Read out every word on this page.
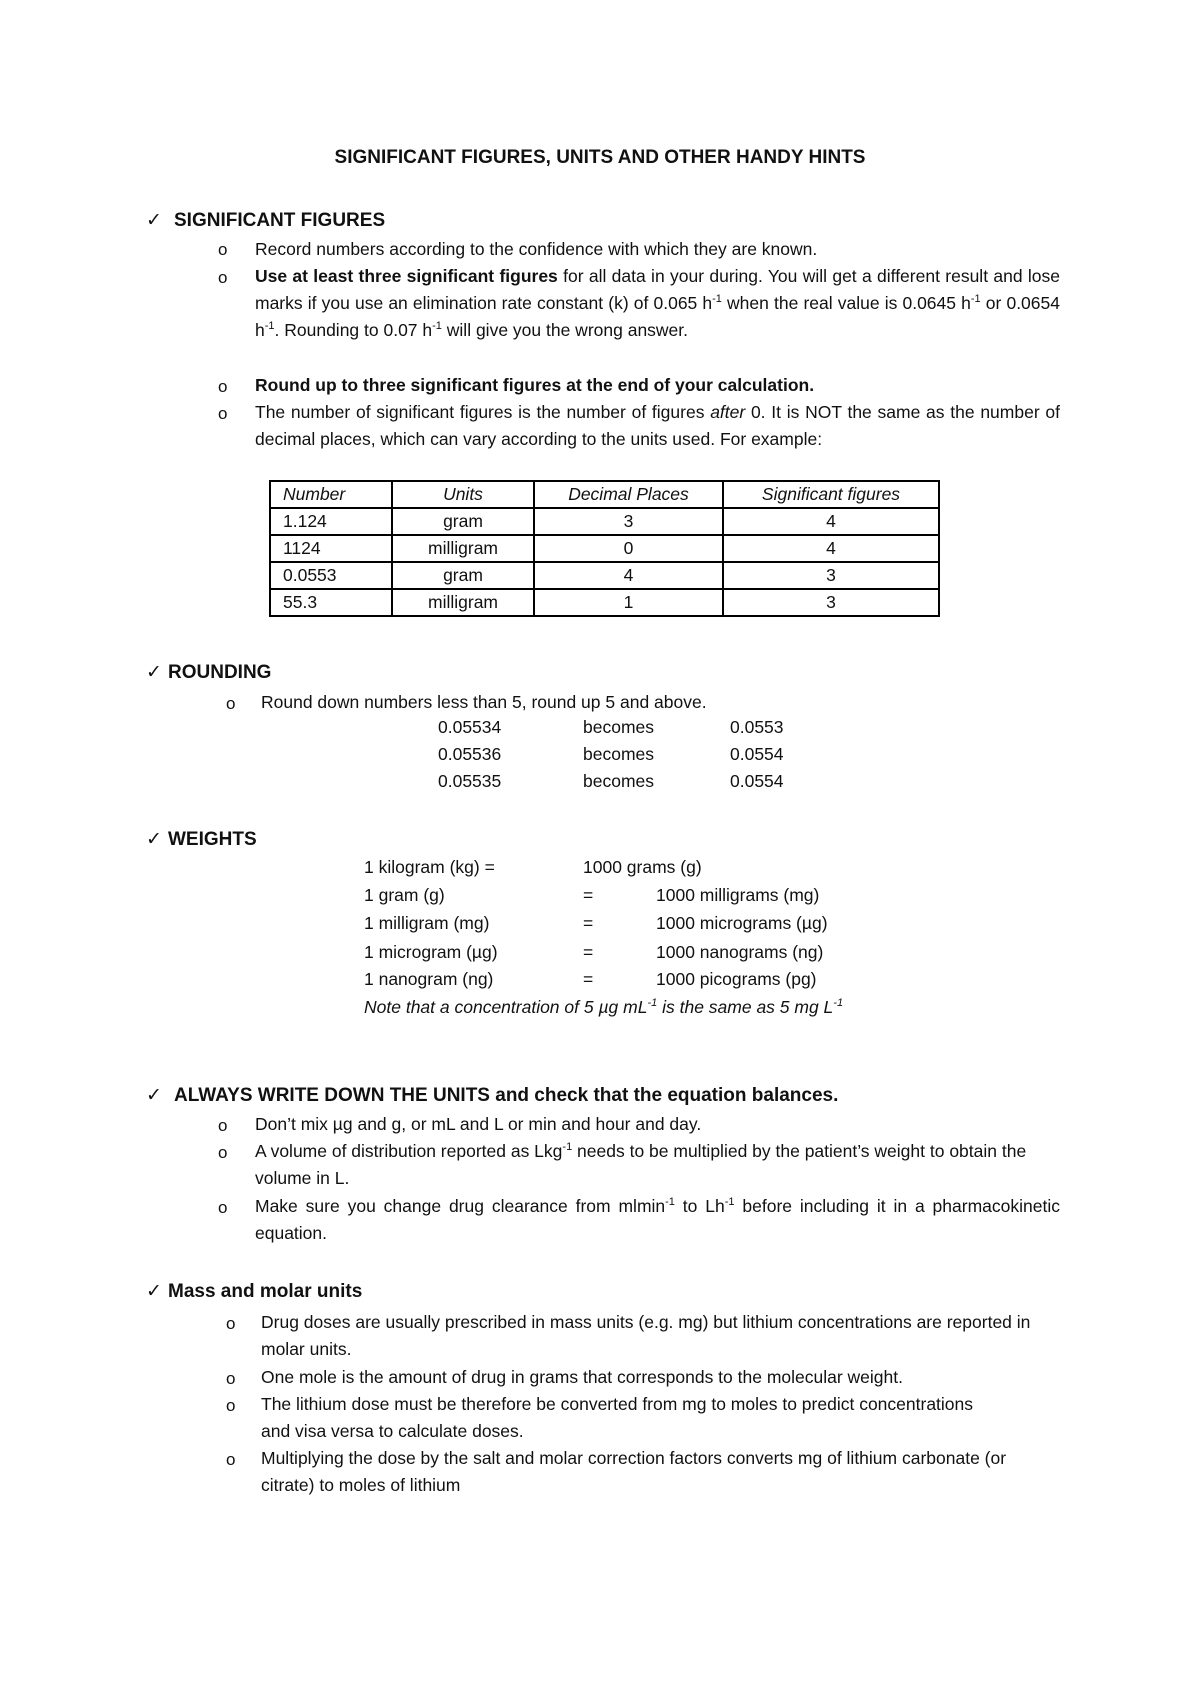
SIGNIFICANT FIGURES, UNITS AND OTHER HANDY HINTS
✓ SIGNIFICANT FIGURES
o Record numbers according to the confidence with which they are known.
o Use at least three significant figures for all data in your during. You will get a different result and lose marks if you use an elimination rate constant (k) of 0.065 $h^{-1}$ when the real value is 0.0645 $h^{-1}$ or 0.0654 $h^{-1}$. Rounding to 0.07 $h^{-1}$ will give you the wrong answer.
o Round up to three significant figures at the end of your calculation.
o The number of significant figures is the number of figures after 0. It is NOT the same as the number of decimal places, which can vary according to the units used. For example:
Number	Units	Decimal Places	Significant figures
1.124	gram	3	4
1124	milligram	0	4
0.0553	gram	4	3
55.3	milligram	1	3
✓ ROUNDING
o Round down numbers less than 5, round up 5 and above.
0.05534	becomes	0.0553
0.05536	becomes	0.0554
0.05535	becomes	0.0554
✓ WEIGHTS
1 kilogram (kg) =	1000 grams (g)
1 gram (g)	=	1000 milligrams (mg)
1 milligram (mg)	=	1000 micrograms (µg)
1 microgram (µg)	=	1000 nanograms (ng)
1 nanogram (ng)	=	1000 picograms (pg)
Note that a concentration of 5 µg $mL^{-1}$ is the same as 5 mg $L^{-1}$
✓ ALWAYS WRITE DOWN THE UNITS and check that the equation balances.
o Don’t mix µg and g, or mL and L or min and hour and day.
o A volume of distribution reported as Lkg$^{-1}$ needs to be multiplied by the patient’s weight to obtain the volume in L.
o Make sure you change drug clearance from mlmin$^{-1}$ to $Lh^{-1}$ before including it in a pharmacokinetic equation.
✓ Mass and molar units
o Drug doses are usually prescribed in mass units (e.g. mg) but lithium concentrations are reported in molar units.
o One mole is the amount of drug in grams that corresponds to the molecular weight.
o The lithium dose must be therefore be converted from mg to moles to predict concentrations and visa versa to calculate doses.
o Multiplying the dose by the salt and molar correction factors converts mg of lithium carbonate (or citrate) to moles of lithium
